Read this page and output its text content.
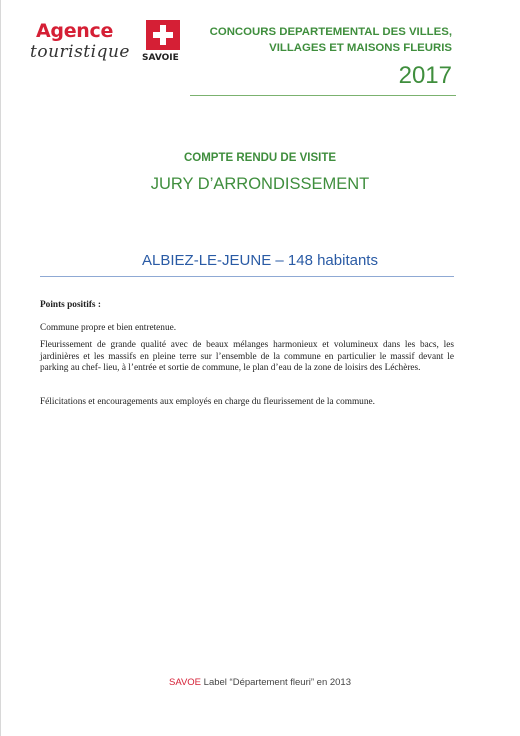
Agence
touristique SAVOIE
CONCOURS DEPARTEMENTAL DES VILLES,
VILLAGES ET MAISONS FLEURIS
2017
COMPTE RENDU DE VISITE
JURY D’ARRONDISSEMENT
ALBIEZ-LE-JEUNE – 148 habitants

Points positifs :

Commune propre et bien entretenue.

Fleurissement de grande qualité avec de beaux mélanges harmonieux et volumineux dans les bacs, les jardinières et les massifs en pleine terre sur l’ensemble de la commune en particulier le massif devant le parking au chef- lieu, à l’entrée et sortie de commune, le plan d’eau de la zone de loisirs des Léchères.

Félicitations et encouragements aux employés en charge du fleurissement de la commune.

SAVOE Label “Département fleuri” en 2013
